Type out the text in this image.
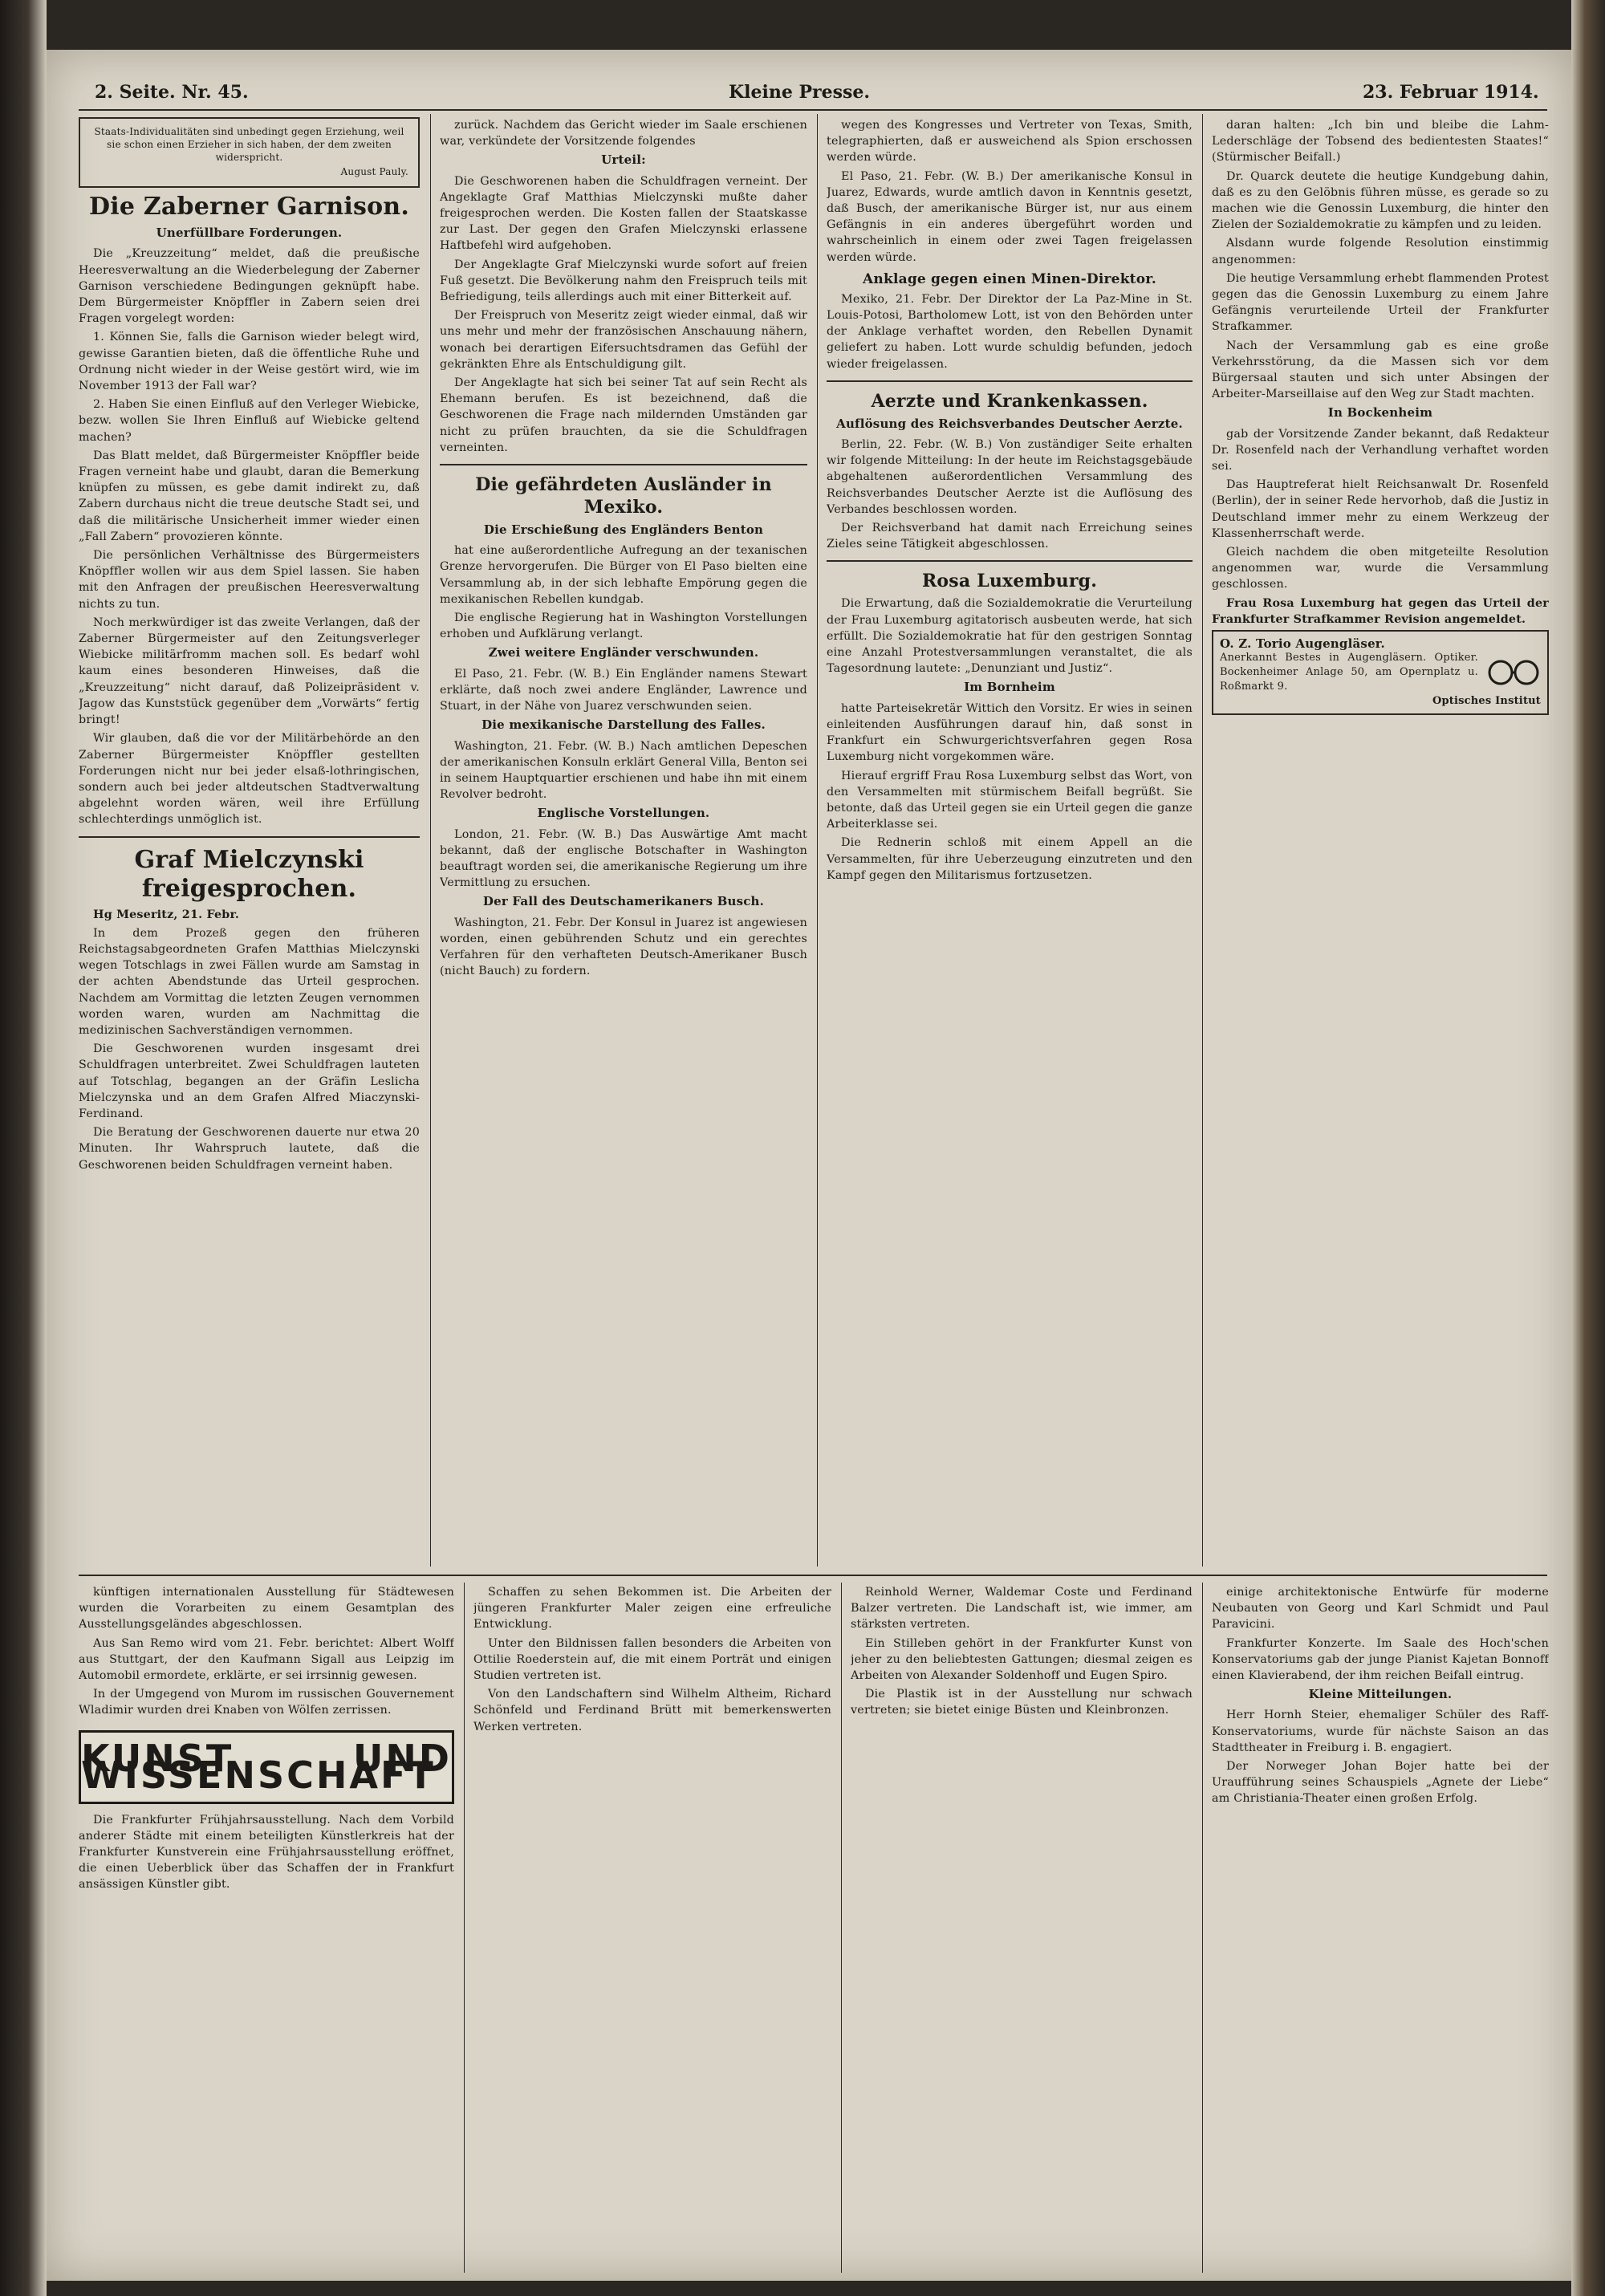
2. Seite. Nr. 45.	Kleine Presse.	23. Februar 1914.
Staats-Individualitäten sind unbedingt gegen Erziehung, weil sie schon einen Erzieher in sich haben, der dem zweiten widerspricht.
August Pauly.
Die Zaberner Garnison.
Unerfüllbare Forderungen.

Die „Kreuzzeitung“ meldet, daß die preußische Heeresverwaltung an die Wiederbelegung der Zaberner Garnison verschiedene Bedingungen geknüpft habe. Dem Bürgermeister Knöpffler in Zabern seien drei Fragen vorgelegt worden:

1. Können Sie, falls die Garnison wieder belegt wird, gewisse Garantien bieten, daß die öffentliche Ruhe und Ordnung nicht wieder in der Weise gestört wird, wie im November 1913 der Fall war?

2. Haben Sie einen Einfluß auf den Verleger Wiebicke, bezw. wollen Sie Ihren Einfluß auf Wiebicke geltend machen?

Das Blatt meldet, daß Bürgermeister Knöpffler beide Fragen verneint habe und glaubt, daran die Bemerkung knüpfen zu müssen, es gebe damit indirekt zu, daß Zabern durchaus nicht die treue deutsche Stadt sei, und daß die militärische Unsicherheit immer wieder einen „Fall Zabern“ provozieren könnte.

Die persönlichen Verhältnisse des Bürgermeisters Knöpffler wollen wir aus dem Spiel lassen. Sie haben mit den Anfragen der preußischen Heeresverwaltung nichts zu tun.

Noch merkwürdiger ist das zweite Verlangen, daß der Zaberner Bürgermeister auf den Zeitungsverleger Wiebicke militärfromm machen soll. Es bedarf wohl kaum eines besonderen Hinweises, daß die „Kreuzzeitung“ nicht darauf, daß Polizeipräsident v. Jagow das Kunststück gegenüber dem „Vorwärts“ fertig bringt!

Wir glauben, daß die vor der Militärbehörde an den Zaberner Bürgermeister Knöpffler gestellten Forderungen nicht nur bei jeder elsaß-lothringischen, sondern auch bei jeder altdeutschen Stadtverwaltung abgelehnt worden wären, weil ihre Erfüllung schlechterdings unmöglich ist.

Graf Mielczynski freigesprochen.

Hg Meseritz, 21. Febr.

In dem Prozeß gegen den früheren Reichstagsabgeordneten Grafen Matthias Mielczynski wegen Totschlags in zwei Fällen wurde am Samstag in der achten Abendstunde das Urteil gesprochen. Nachdem am Vormittag die letzten Zeugen vernommen worden waren, wurden am Nachmittag die medizinischen Sachverständigen vernommen.

Die Geschworenen wurden insgesamt drei Schuldfragen unterbreitet. Zwei Schuldfragen lauteten auf Totschlag, begangen an der Gräfin Leslicha Mielczynska und an dem Grafen Alfred Miaczynski-Ferdinand.

Die Beratung der Geschworenen dauerte nur etwa 20 Minuten. Ihr Wahrspruch lautete, daß die Geschworenen beiden Schuldfragen verneint haben.

zurück. Nachdem das Gericht wieder im Saale erschienen war, verkündete der Vorsitzende folgendes

Urteil:

Die Geschworenen haben die Schuldfragen verneint. Der Angeklagte Graf Matthias Mielczynski mußte daher freigesprochen werden. Die Kosten fallen der Staatskasse zur Last. Der gegen den Grafen Mielczynski erlassene Haftbefehl wird aufgehoben.

Der Angeklagte Graf Mielczynski wurde sofort auf freien Fuß gesetzt. Die Bevölkerung nahm den Freispruch teils mit Befriedigung, teils allerdings auch mit einer Bitterkeit auf.

Der Freispruch von Meseritz zeigt wieder einmal, daß wir uns mehr und mehr der französischen Anschauung nähern, wonach bei derartigen Eifersuchtsdramen das Gefühl der gekränkten Ehre als Entschuldigung gilt.

Der Angeklagte hat sich bei seiner Tat auf sein Recht als Ehemann berufen. Es ist bezeichnend, daß die Geschworenen die Frage nach mildernden Umständen gar nicht zu prüfen brauchten, da sie die Schuldfragen verneinten.

Die gefährdeten Ausländer in Mexiko.
Die Erschießung des Engländers Benton

hat eine außerordentliche Aufregung an der texanischen Grenze hervorgerufen. Die Bürger von El Paso bielten eine Versammlung ab, in der sich lebhafte Empörung gegen die mexikanischen Rebellen kundgab.

Die englische Regierung hat in Washington Vorstellungen erhoben und Aufklärung verlangt.

Zwei weitere Engländer verschwunden.

El Paso, 21. Febr. (W. B.) Ein Engländer namens Stewart erklärte, daß noch zwei andere Engländer, Lawrence und Stuart, in der Nähe von Juarez verschwunden seien.

Die mexikanische Darstellung des Falles.

Washington, 21. Febr. (W. B.) Nach amtlichen Depeschen der amerikanischen Konsuln erklärt General Villa, Benton sei in seinem Hauptquartier erschienen und habe ihn mit einem Revolver bedroht.

Englische Vorstellungen.

London, 21. Febr. (W. B.) Das Auswärtige Amt macht bekannt, daß der englische Botschafter in Washington beauftragt worden sei, die amerikanische Regierung um ihre Vermittlung zu ersuchen.

Der Fall des Deutschamerikaners Busch.

Washington, 21. Febr. Der Konsul in Juarez ist angewiesen worden, einen gebührenden Schutz und ein gerechtes Verfahren für den verhafteten Deutsch-Amerikaner Busch (nicht Bauch) zu fordern.

wegen des Kongresses und Vertreter von Texas, Smith, telegraphierten, daß er ausweichend als Spion erschossen werden würde.

El Paso, 21. Febr. (W. B.) Der amerikanische Konsul in Juarez, Edwards, wurde amtlich davon in Kenntnis gesetzt, daß Busch, der amerikanische Bürger ist, nur aus einem Gefängnis in ein anderes übergeführt worden und wahrscheinlich in einem oder zwei Tagen freigelassen werden würde.

Anklage gegen einen Minen-Direktor.

Mexiko, 21. Febr. Der Direktor der La Paz-Mine in St. Louis-Potosi, Bartholomew Lott, ist von den Behörden unter der Anklage verhaftet worden, den Rebellen Dynamit geliefert zu haben. Lott wurde schuldig befunden, jedoch wieder freigelassen.

Aerzte und Krankenkassen.
Auflösung des Reichsverbandes Deutscher Aerzte.

Berlin, 22. Febr. (W. B.) Von zuständiger Seite erhalten wir folgende Mitteilung: In der heute im Reichstagsgebäude abgehaltenen außerordentlichen Versammlung des Reichsverbandes Deutscher Aerzte ist die Auflösung des Verbandes beschlossen worden.

Der Reichsverband hat damit nach Erreichung seines Zieles seine Tätigkeit abgeschlossen.

Rosa Luxemburg.

Die Erwartung, daß die Sozialdemokratie die Verurteilung der Frau Luxemburg agitatorisch ausbeuten werde, hat sich erfüllt. Die Sozialdemokratie hat für den gestrigen Sonntag eine Anzahl Protestversammlungen veranstaltet, die als Tagesordnung lautete: „Denunziant und Justiz“.

Im Bornheim

hatte Parteisekretär Wittich den Vorsitz. Er wies in seinen einleitenden Ausführungen darauf hin, daß sonst in Frankfurt ein Schwurgerichtsverfahren gegen Rosa Luxemburg nicht vorgekommen wäre.

Hierauf ergriff Frau Rosa Luxemburg selbst das Wort, von den Versammelten mit stürmischem Beifall begrüßt. Sie betonte, daß das Urteil gegen sie ein Urteil gegen die ganze Arbeiterklasse sei.

Die Rednerin schloß mit einem Appell an die Versammelten, für ihre Ueberzeugung einzutreten und den Kampf gegen den Militarismus fortzusetzen.

daran halten: „Ich bin und bleibe die Lahm-Lederschläge der Tobsend des bedientesten Staates!“ (Stürmischer Beifall.)

Dr. Quarck deutete die heutige Kundgebung dahin, daß es zu den Gelöbnis führen müsse, es gerade so zu machen wie die Genossin Luxemburg, die hinter den Zielen der Sozialdemokratie zu kämpfen und zu leiden.

Alsdann wurde folgende Resolution einstimmig angenommen:

Die heutige Versammlung erhebt flammenden Protest gegen das die Genossin Luxemburg zu einem Jahre Gefängnis verurteilende Urteil der Frankfurter Strafkammer.

Nach der Versammlung gab es eine große Verkehrsstörung, da die Massen sich vor dem Bürgersaal stauten und sich unter Absingen der Arbeiter-Marseillaise auf den Weg zur Stadt machten.

In Bockenheim

gab der Vorsitzende Zander bekannt, daß Redakteur Dr. Rosenfeld nach der Verhandlung verhaftet worden sei.

Das Hauptreferat hielt Reichsanwalt Dr. Rosenfeld (Berlin), der in seiner Rede hervorhob, daß die Justiz in Deutschland immer mehr zu einem Werkzeug der Klassenherrschaft werde.

Gleich nachdem die oben mitgeteilte Resolution angenommen war, wurde die Versammlung geschlossen.

Frau Rosa Luxemburg hat gegen das Urteil der Frankfurter Strafkammer Revision angemeldet.

O. Z. Torio Augengläser.
Anerkannt Bestes in Augengläsern. Optiker. Bockenheimer Anlage 50, am Opernplatz u. Roßmarkt 9.
Optisches Institut

künftigen internationalen Ausstellung für Städtewesen wurden die Vorarbeiten zu einem Gesamtplan des Ausstellungsgeländes abgeschlossen.

Aus San Remo wird vom 21. Febr. berichtet: Albert Wolff aus Stuttgart, der den Kaufmann Sigall aus Leipzig im Automobil ermordete, erklärte, er sei irrsinnig gewesen.

In der Umgegend von Murom im russischen Gouvernement Wladimir wurden drei Knaben von Wölfen zerrissen.

KUNST UND WISSENSCHAFT

Die Frankfurter Frühjahrsausstellung. Nach dem Vorbild anderer Städte mit einem beteiligten Künstlerkreis hat der Frankfurter Kunstverein eine Frühjahrsausstellung eröffnet, die einen Ueberblick über das Schaffen der in Frankfurt ansässigen Künstler gibt.

Schaffen zu sehen Bekommen ist. Die Arbeiten der jüngeren Frankfurter Maler zeigen eine erfreuliche Entwicklung.

Unter den Bildnissen fallen besonders die Arbeiten von Ottilie Roederstein auf, die mit einem Porträt und einigen Studien vertreten ist.

Von den Landschaftern sind Wilhelm Altheim, Richard Schönfeld und Ferdinand Brütt mit bemerkenswerten Werken vertreten.

Reinhold Werner, Waldemar Coste und Ferdinand Balzer vertreten. Die Landschaft ist, wie immer, am stärksten vertreten.

Ein Stilleben gehört in der Frankfurter Kunst von jeher zu den beliebtesten Gattungen; diesmal zeigen es Arbeiten von Alexander Soldenhoff und Eugen Spiro.

Die Plastik ist in der Ausstellung nur schwach vertreten; sie bietet einige Büsten und Kleinbronzen.

einige architektonische Entwürfe für moderne Neubauten von Georg und Karl Schmidt und Paul Paravicini.

Frankfurter Konzerte. Im Saale des Hoch'schen Konservatoriums gab der junge Pianist Kajetan Bonnoff einen Klavierabend, der ihm reichen Beifall eintrug.

Kleine Mitteilungen.

Herr Hornh Steier, ehemaliger Schüler des Raff-Konservatoriums, wurde für nächste Saison an das Stadttheater in Freiburg i. B. engagiert.

Der Norweger Johan Bojer hatte bei der Uraufführung seines Schauspiels „Agnete der Liebe“ am Christiania-Theater einen großen Erfolg.
